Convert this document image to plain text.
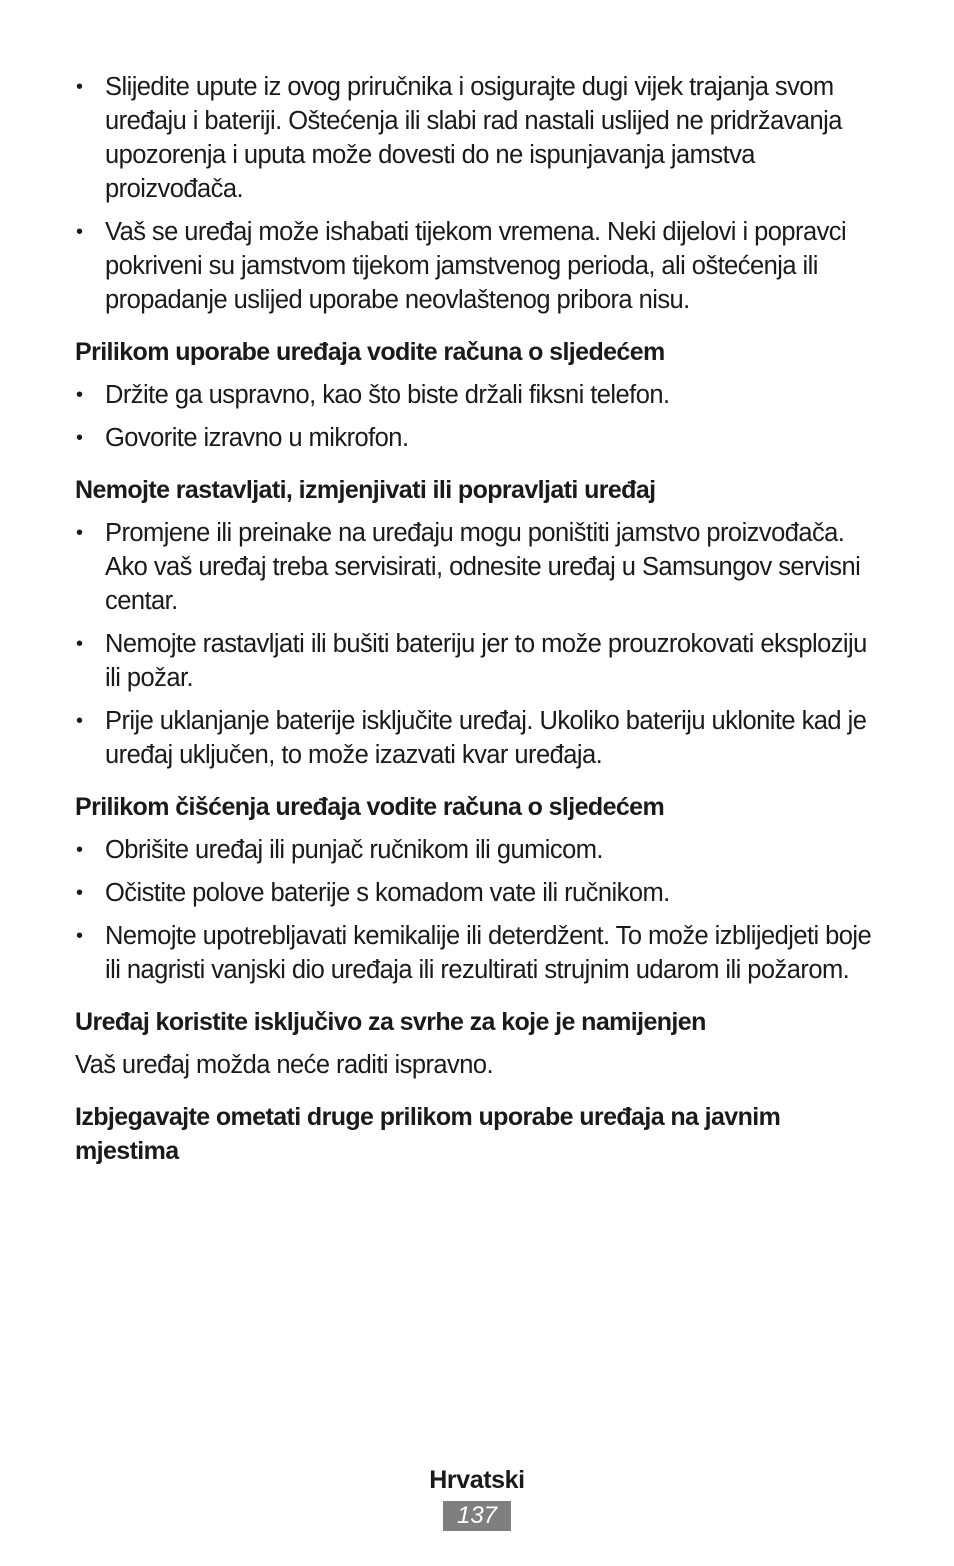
• Slijedite upute iz ovog priručnika i osigurajte dugi vijek trajanja svom uređaju i bateriji. Oštećenja ili slabi rad nastali uslijed ne pridržavanja upozorenja i uputa može dovesti do ne ispunjavanja jamstva proizvođača.
• Vaš se uređaj može ishabati tijekom vremena. Neki dijelovi i popravci pokriveni su jamstvom tijekom jamstvenog perioda, ali oštećenja ili propadanje uslijed uporabe neovlaštenog pribora nisu.
Prilikom uporabe uređaja vodite računa o sljedećem
• Držite ga uspravno, kao što biste držali fiksni telefon.
• Govorite izravno u mikrofon.
Nemojte rastavljati, izmjenjivati ili popravljati uređaj
• Promjene ili preinake na uređaju mogu poništiti jamstvo proizvođača. Ako vaš uređaj treba servisirati, odnesite uređaj u Samsungov servisni centar.
• Nemojte rastavljati ili bušiti bateriju jer to može prouzrokovati eksploziju ili požar.
• Prije uklanjanje baterije isključite uređaj. Ukoliko bateriju uklonite kad je uređaj uključen, to može izazvati kvar uređaja.
Prilikom čišćenja uređaja vodite računa o sljedećem
• Obrišite uređaj ili punjač ručnikom ili gumicom.
• Očistite polove baterije s komadom vate ili ručnikom.
• Nemojte upotrebljavati kemikalije ili deterdžent. To može izblijedjeti boje ili nagristi vanjski dio uređaja ili rezultirati strujnim udarom ili požarom.
Uređaj koristite isključivo za svrhe za koje je namijenjen

Vaš uređaj možda neće raditi ispravno.

Izbjegavajte ometati druge prilikom uporabe uređaja na javnim mjestima
Hrvatski
137
